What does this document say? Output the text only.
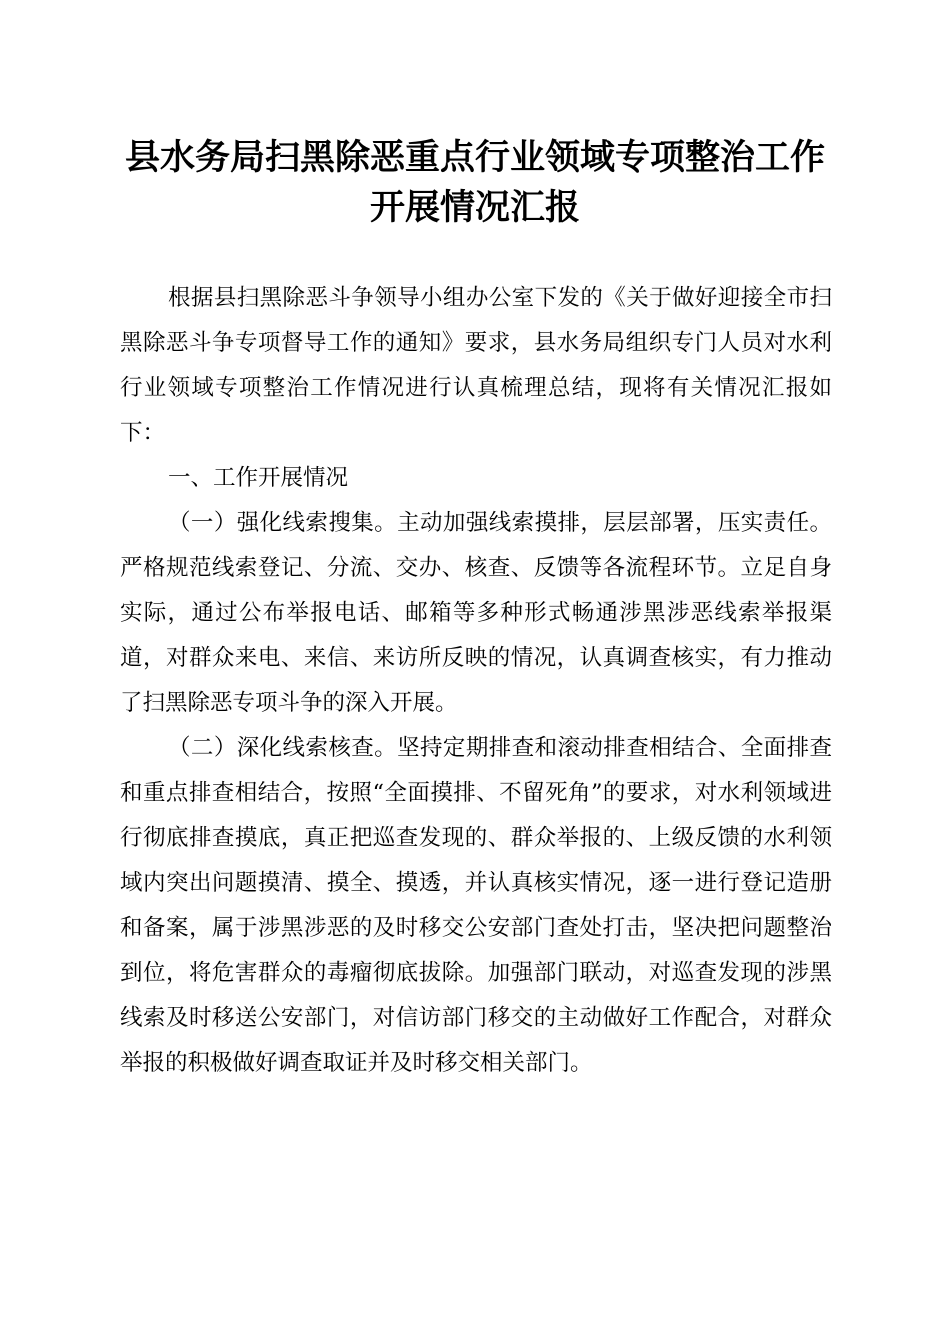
县水务局扫黑除恶重点行业领域专项整治工作
开展情况汇报

根据县扫黑除恶斗争领导小组办公室下发的《关于做好迎接全市扫黑除恶斗争专项督导工作的通知》要求，县水务局组织专门人员对水利行业领域专项整治工作情况进行认真梳理总结，现将有关情况汇报如下：

一、工作开展情况

（一）强化线索搜集。主动加强线索摸排，层层部署，压实责任。严格规范线索登记、分流、交办、核查、反馈等各流程环节。立足自身实际，通过公布举报电话、邮箱等多种形式畅通涉黑涉恶线索举报渠道，对群众来电、来信、来访所反映的情况，认真调查核实，有力推动了扫黑除恶专项斗争的深入开展。

（二）深化线索核查。坚持定期排查和滚动排查相结合、全面排查和重点排查相结合，按照“全面摸排、不留死角”的要求，对水利领域进行彻底排查摸底，真正把巡查发现的、群众举报的、上级反馈的水利领域内突出问题摸清、摸全、摸透，并认真核实情况，逐一进行登记造册和备案，属于涉黑涉恶的及时移交公安部门查处打击，坚决把问题整治到位，将危害群众的毒瘤彻底拔除。加强部门联动，对巡查发现的涉黑线索及时移送公安部门，对信访部门移交的主动做好工作配合，对群众举报的积极做好调查取证并及时移交相关部门。
